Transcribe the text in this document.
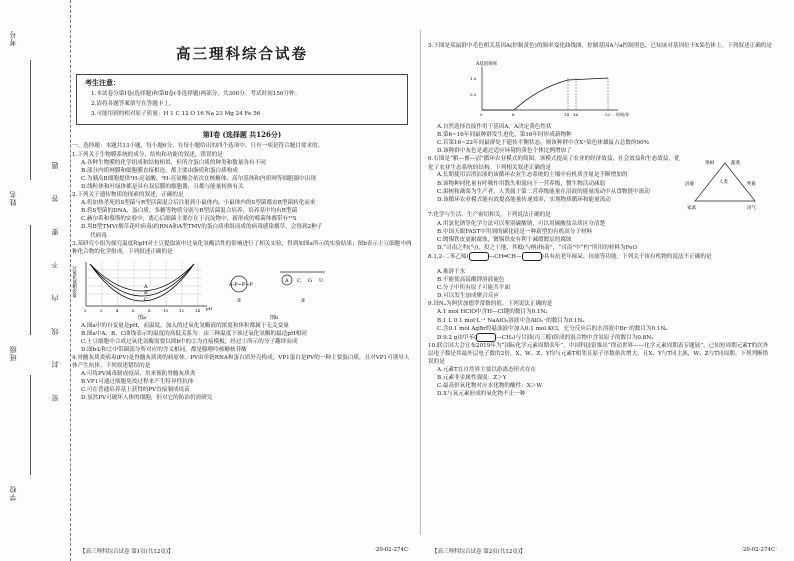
考号
姓名
班级
学校
密 封 线 内 不 要 答 题
高三理科综合试卷
考生注意：

1.本试卷分第Ⅰ卷(选择题)和第Ⅱ卷(非选择题)两部分，共300分。考试时间150分钟。

2.请将各题答案填写在答题卡上。

3.可能用到的相对原子质量：H 1 C 12 O 16 Na 23 Mg 24 Fe 56

第Ⅰ卷 (选择题 共126分)

一、选择题：本题共13小题，每小题6分。在每小题给出的四个选项中，只有一项是符合题目要求的。

1.下列关于生物膜系统的成分、结构和功能的叙述，错误的是

A.各种生物膜的化学组成和结构相似，但所含蛋白质的种类和数量各有不同

B.部分内质网膜和细胞膜直接相连，都主要由脂质和蛋白质构成

C.为胰岛B细胞提供³H-亮氨酸，³H-亮氨酸会依次在核糖体、高尔基体和内质网等细胞器中出现

D.线粒体和叶绿体都是具有双层膜的细胞器，且都与能量转换有关

2.下列关于遗传物质的探索的叙述，正确的是

A.将加热杀死的S型菌与R型活菌混合后注射到小鼠体内，小鼠体内的S型菌都由R型菌转化而来

B.将S型菌的DNA、蛋白质、多糖等物质分别与R型活菌混合培养，培养基中均有R型菌

C.赫尔希和蔡斯的实验中，离心后细菌主要存在于沉淀物中，新形成的噬菌体都带有³²S

D.用B型TMV(烟草花叶病毒)的RNA和A型TMV的蛋白质重组而成的病毒感染烟草，会得到2种子

代病毒

3.某研究小组为探究温度和pH对土豆提取液中过氧化氢酶活性的影响进行了相关实验，得到如图a所示的实验结果；图b表示土豆细胞中两种化合物的化学组成。下列叙述正确的是

过氧化氢剩余量	A
B
C
0	2	4	6	8	10	12	14 pH
图a
A-P~P~P
①
A C G U
②
图b

A.图a中的自变量是pH，而温度，加入的过氧化氢酶液的浓度和体积都属于无关变量

B.图a中A、B、C曲线表示的温度的高低关系为：由三种温度下该过氧化氢酶的最适pH相同

C.土豆细胞中合成过氧化氢酶需要以图b中的②为直接模板，经过①所示的分子翻译而成

D.图b①和②中带圈部分所对应的含义相同，都是腺嘌呤核糖核苷酸

4.骨髓灰质炎病毒(PV)是脊髓灰质炎的病原体。PV由单链RNA和蛋白质外壳构成，VP1蛋白是PV的一种主要蛋白质，且对VP1可诱导人体产生抗体。下列叙述错误的是

A.可将PV减毒制成疫苗，用来预防脊髓灰质炎

B.VP1可通过细胞免疫过程来产生特异性抗体

C.可在普通培养基上获得的PV直接制成疫苗

D.虽然PV可破坏人体的细胞，但对它的防治仍需研究

【高三理科综合试卷 第1页(共12页)】	·20-02-274C·

5.下图是某鼠群中毛色相关基因A(控制黄色)的频率变化曲线图，控制基因A与a控制黑色，已知该对基因位于X染色体上。下列叙述正确的是

A基因频率
1.0
0.5
0	6	14 16	22 时间/年

A.自然选择直接作用于基因A，A决定黄色性状

B.第6~16年间鼠种群发生进化，第16年时形成新物种

C.若第16~22年间鼠群处于遗传平衡状态，则该种群中含X⁺染色体雄鼠占总数的90%

D.该种群中灰色是通过适应环境的黄色个体比例增加了

6.右图是“粮—畜—沼”循环农业模式的简图，该模式提高了农业的经济效益，社会效益和生态效益，优化了农业生态系统的结构。下列相关叙述正确的是

A.长期使用沼渣沼液的该循环农业生态系统的土壤中有机质含量是不断增加的

B.该物种同化量有呼吸作用散失和流向下一营养级，微生物活动减弱

C.果树和蔬菜为生产者，人类属于第二营养级能量在沼液的能量流动中从食物链中流动

D.该循环农业模式能有效提高能量传递效率，实现物质循环和能量流动

果树	蔬菜
人类
沼液	牲畜
家禽	沼气

7.化学与生活、生产密切相关。下列说法正确的是

A.用氯化钠等化学方法可以鉴别碳酸钠，可以用碳酸盐杂质区分清楚

B.中国天眼FAST中用到的碳化硅是一种新型的有机高分子材料

C.镀锡铁皮更耐腐蚀，镀锡铁皮有利于减缓镀层的腐蚀

D.“司南之杓(勺)，投之于地，其柢(勺柄)指南”，“司南”中“杓”所用的材料为FeO

8.1,2-二苯乙烯(	—CH═CH—	)具有抗老年痴呆、抗癌等功能。下列关于该有机物的说法不正确的是

A.难溶于水

B.不能使高锰酸钾溶液褪色

C.分子中所有原子可能共平面

D.可以发生加成聚合反应

9.设Nₐ为阿伏加德罗常数的值。下列说法正确的是

A.1 mol HClO中含H—Cl键的数目为0.1Nₐ

B.1 L 0.1 mol·L⁻¹ NaAlO₂溶液中含AlO₂⁻的数目为0.1Nₐ

C.含0.1 mol AgBr的悬浊液中加入0.1 mol KCl，充分反应后的水溶液中Br⁻的数目为0.1Nₐ

D.9.2 g由甲苯(	—CH₃)与甘油(丙三醇)组成的混合物中含氢原子的数目为0.8Nₐ

10.联合国大会宣布2019年为“国际化学元素周期表年”，中国科技馆推出“律动世界——化学元素周期表专题展”。已知短周期元素T的次外层电子数是其最外层电子数的2倍，X、W、Z、Y均与元素T相邻且原子序数依次增大，且X、Y与T同主族，W、Z与T同周期。下列判断错误的是

A.元素T在自然界主要以游离态形式存在

B.元素非金属性强弱：Z＞Y

C.最高价氧化物对应水化物的酸性：X＞W

D.X与氧元素形成的氧化物不止一种

【高三理科综合试卷 第2页(共12页)】	·20-02-274C·
